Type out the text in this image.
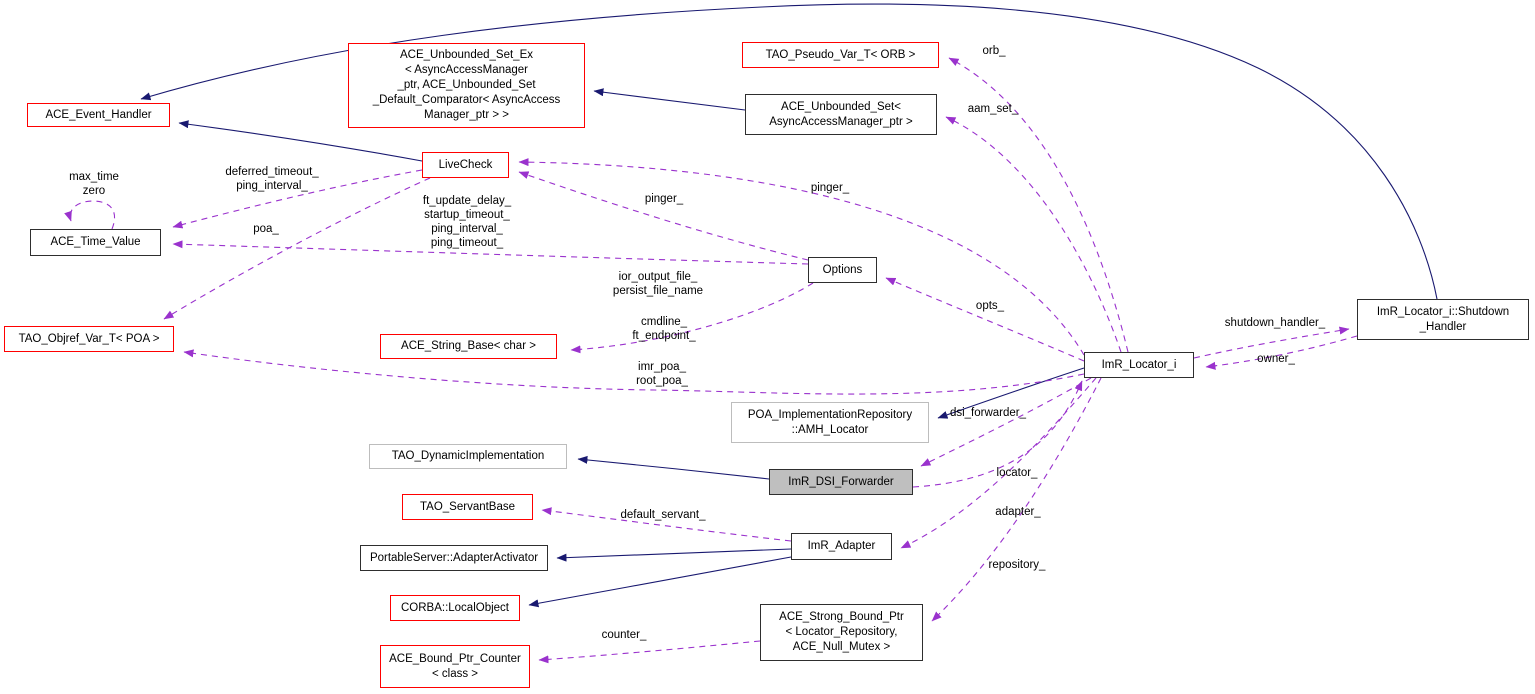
max_time
zero
deferred_timeout_
ping_interval_
poa_
ft_update_delay_
startup_timeout_
ping_interval_
ping_timeout_
pinger_
pinger_
orb_
aam_set_
ior_output_file_
persist_file_name
cmdline_
ft_endpoint_
imr_poa_
root_poa_
opts_
shutdown_handler_
owner_
dsi_forwarder_
locator_
adapter_
repository_
default_servant_
counter_
ACE_Event_Handler
ACE_Unbounded_Set_Ex
< AsyncAccessManager
_ptr, ACE_Unbounded_Set
_Default_Comparator< AsyncAccess
Manager_ptr > >
TAO_Pseudo_Var_T< ORB >
ACE_Unbounded_Set<
AsyncAccessManager_ptr >
LiveCheck
ACE_Time_Value
Options
TAO_Objref_Var_T< POA >
ACE_String_Base< char >
ImR_Locator_i
ImR_Locator_i::Shutdown
_Handler
POA_ImplementationRepository
::AMH_Locator
TAO_DynamicImplementation
ImR_DSI_Forwarder
TAO_ServantBase
PortableServer::AdapterActivator
ImR_Adapter
CORBA::LocalObject
ACE_Strong_Bound_Ptr
< Locator_Repository,
ACE_Null_Mutex >
ACE_Bound_Ptr_Counter
< class >
